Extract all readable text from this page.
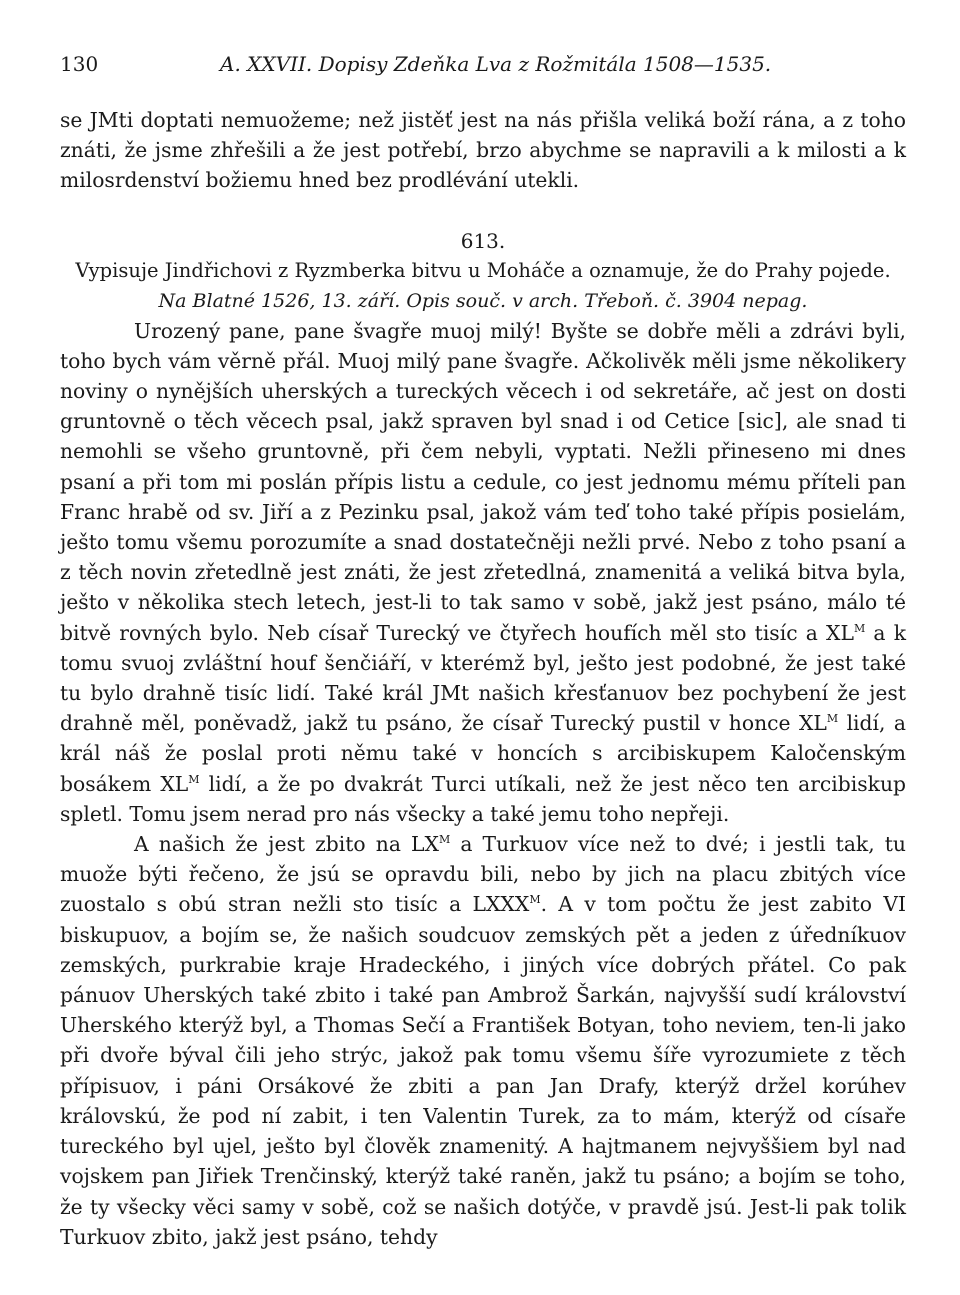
130	A. XXVII. Dopisy Zdeňka Lva z Rožmitála 1508—1535.

se JMti doptati nemuožeme; než jistěť jest na nás přišla veliká boží rána, a z toho znáti, že jsme zhřešili a že jest potřebí, brzo abychme se napravili a k milosti a k milosrdenství božiemu hned bez prodlévání utekli.

613.

Vypisuje Jindřichovi z Ryzmberka bitvu u Moháče a oznamuje, že do Prahy pojede.

Na Blatné 1526, 13. září. Opis souč. v arch. Třeboň. č. 3904 nepag.

Urozený pane, pane švagře muoj milý! Byšte se dobře měli a zdrávi byli, toho bych vám věrně přál. Muoj milý pane švagře. Ačkolivěk měli jsme několikery noviny o nynějších uherských a tureckých věcech i od sekretáře, ač jest on dosti gruntovně o těch věcech psal, jakž spraven byl snad i od Cetice [sic], ale snad ti nemohli se všeho gruntovně, při čem nebyli, vyptati. Nežli přineseno mi dnes psaní a při tom mi poslán přípis listu a cedule, co jest jednomu mému příteli pan Franc hrabě od sv. Jiří a z Pezinku psal, jakož vám teď toho také přípis posielám, ješto tomu všemu porozumíte a snad dostatečněji nežli prvé. Nebo z toho psaní a z těch novin zřetedlně jest znáti, že jest zřetedlná, znamenitá a veliká bitva byla, ješto v několika stech letech, jest-li to tak samo v sobě, jakž jest psáno, málo té bitvě rovných bylo. Neb císař Turecký ve čtyřech houfích měl sto tisíc a $XL^M$ a k tomu svuoj zvláštní houf šenčiáří, v kterémž byl, ješto jest podobné, že jest také tu bylo drahně tisíc lidí. Také král JMt našich křesťanuov bez pochybení že jest drahně měl, poněvadž, jakž tu psáno, že císař Turecký pustil v honce $XL^M$ lidí, a král náš že poslal proti němu také v honcích s arcibiskupem Kaločenským bosákem $XL^M$ lidí, a že po dvakrát Turci utíkali, než že jest něco ten arcibiskup spletl. Tomu jsem nerad pro nás všecky a také jemu toho nepřeji.

A našich že jest zbito na $LX^M$ a Turkuov více než to dvé; i jestli tak, tu muože býti řečeno, že jsú se opravdu bili, nebo by jich na placu zbitých více zuostalo s obú stran nežli sto tisíc a $LXXX^M$. A v tom počtu že jest zabito VI biskupuov, a bojím se, že našich soudcuov zemských pět a jeden z úředníkuov zemských, purkrabie kraje Hradeckého, i jiných více dobrých přátel. Co pak pánuov Uherských také zbito i také pan Ambrož Šarkán, najvyšší sudí království Uherského kterýž byl, a Thomas Sečí a František Botyan, toho neviem, ten-li jako při dvoře býval čili jeho strýc, jakož pak tomu všemu šíře vyrozumiete z těch přípisuov, i páni Orsákové že zbiti a pan Jan Drafy, kterýž držel korúhev královskú, že pod ní zabit, i ten Valentin Turek, za to mám, kterýž od císaře tureckého byl ujel, ješto byl člověk znamenitý. A hajtmanem nejvyššiem byl nad vojskem pan Jiřiek Trenčinský, kterýž také raněn, jakž tu psáno; a bojím se toho, že ty všecky věci samy v sobě, což se našich dotýče, v pravdě jsú. Jest-li pak tolik Turkuov zbito, jakž jest psáno, tehdy
